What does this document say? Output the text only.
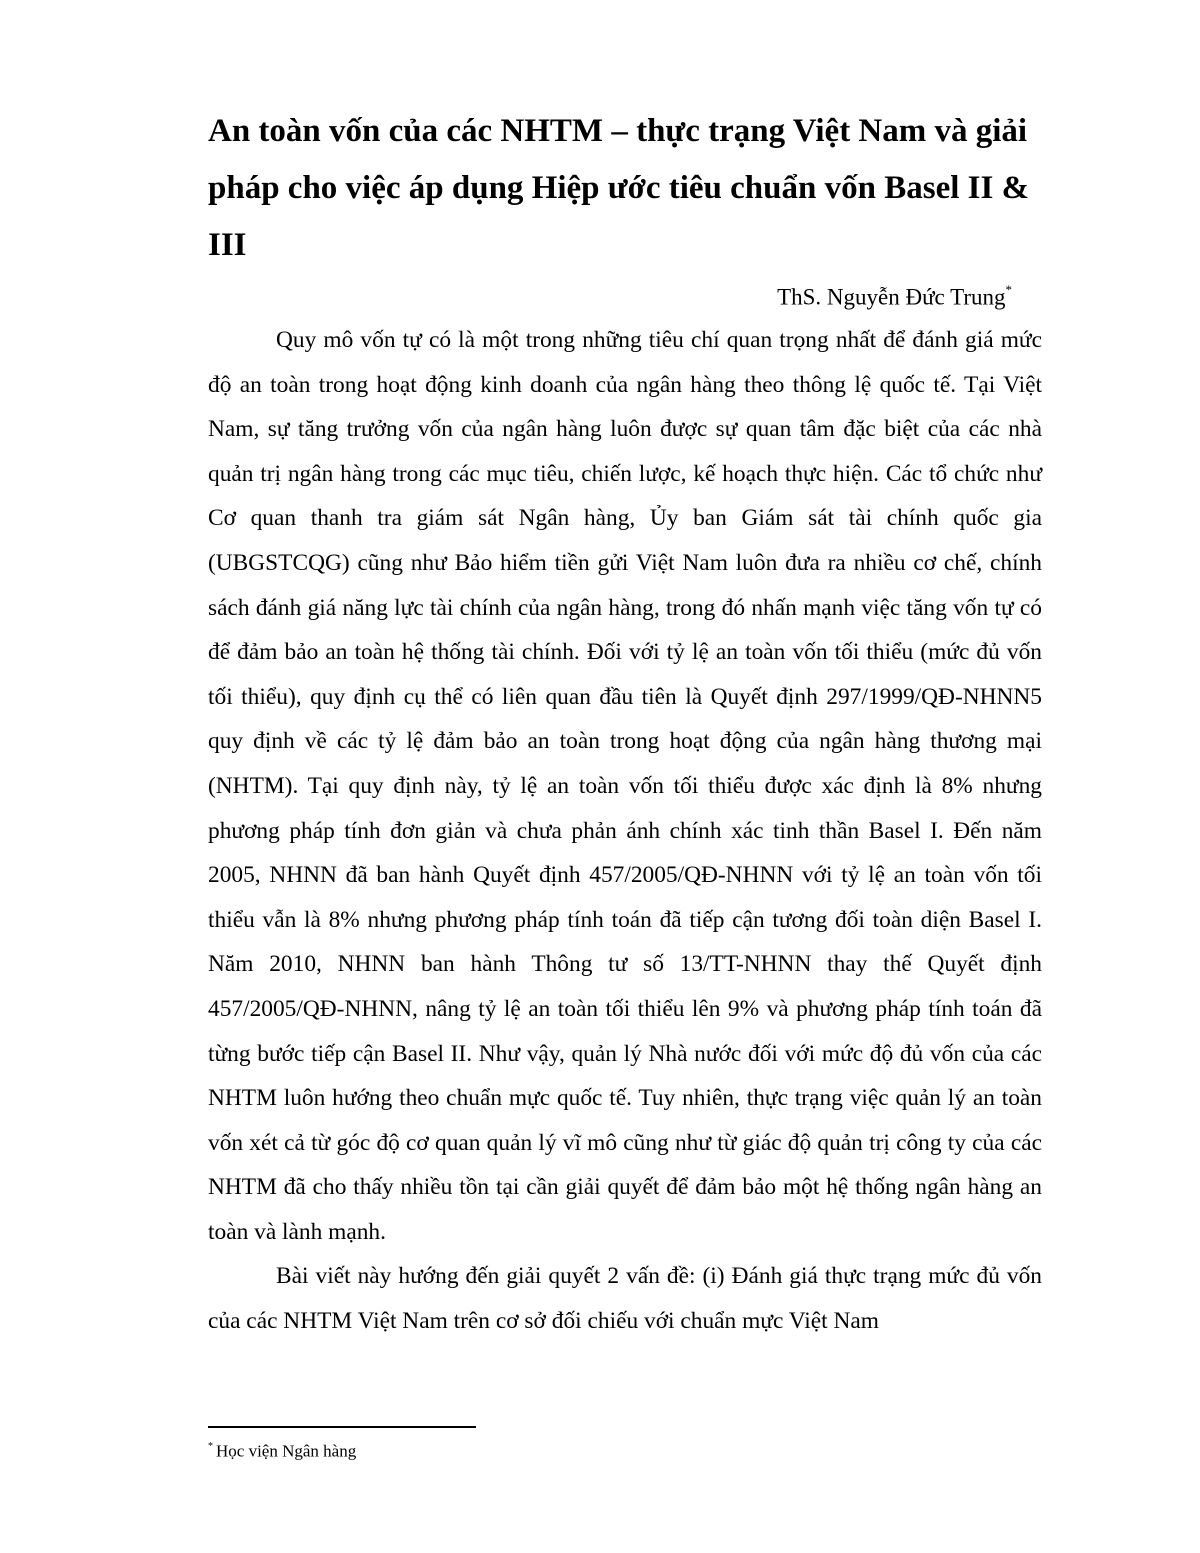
An toàn vốn của các NHTM – thực trạng Việt Nam và giải pháp cho việc áp dụng Hiệp ước tiêu chuẩn vốn Basel II & III
ThS. Nguyễn Đức Trung*

Quy mô vốn tự có là một trong những tiêu chí quan trọng nhất để đánh giá mức độ an toàn trong hoạt động kinh doanh của ngân hàng theo thông lệ quốc tế. Tại Việt Nam, sự tăng trưởng vốn của ngân hàng luôn được sự quan tâm đặc biệt của các nhà quản trị ngân hàng trong các mục tiêu, chiến lược, kế hoạch thực hiện. Các tổ chức như Cơ quan thanh tra giám sát Ngân hàng, Ủy ban Giám sát tài chính quốc gia (UBGSTCQG) cũng như Bảo hiểm tiền gửi Việt Nam luôn đưa ra nhiều cơ chế, chính sách đánh giá năng lực tài chính của ngân hàng, trong đó nhấn mạnh việc tăng vốn tự có để đảm bảo an toàn hệ thống tài chính. Đối với tỷ lệ an toàn vốn tối thiểu (mức đủ vốn tối thiểu), quy định cụ thể có liên quan đầu tiên là Quyết định 297/1999/QĐ-NHNN5 quy định về các tỷ lệ đảm bảo an toàn trong hoạt động của ngân hàng thương mại (NHTM). Tại quy định này, tỷ lệ an toàn vốn tối thiểu được xác định là 8% nhưng phương pháp tính đơn giản và chưa phản ánh chính xác tinh thần Basel I. Đến năm 2005, NHNN đã ban hành Quyết định 457/2005/QĐ-NHNN với tỷ lệ an toàn vốn tối thiểu vẫn là 8% nhưng phương pháp tính toán đã tiếp cận tương đối toàn diện Basel I. Năm 2010, NHNN ban hành Thông tư số 13/TT-NHNN thay thế Quyết định 457/2005/QĐ-NHNN, nâng tỷ lệ an toàn tối thiểu lên 9% và phương pháp tính toán đã từng bước tiếp cận Basel II. Như vậy, quản lý Nhà nước đối với mức độ đủ vốn của các NHTM luôn hướng theo chuẩn mực quốc tế. Tuy nhiên, thực trạng việc quản lý an toàn vốn xét cả từ góc độ cơ quan quản lý vĩ mô cũng như từ giác độ quản trị công ty của các NHTM đã cho thấy nhiều tồn tại cần giải quyết để đảm bảo một hệ thống ngân hàng an toàn và lành mạnh.

Bài viết này hướng đến giải quyết 2 vấn đề: (i) Đánh giá thực trạng mức đủ vốn của các NHTM Việt Nam trên cơ sở đối chiếu với chuẩn mực Việt Nam

* Học viện Ngân hàng
